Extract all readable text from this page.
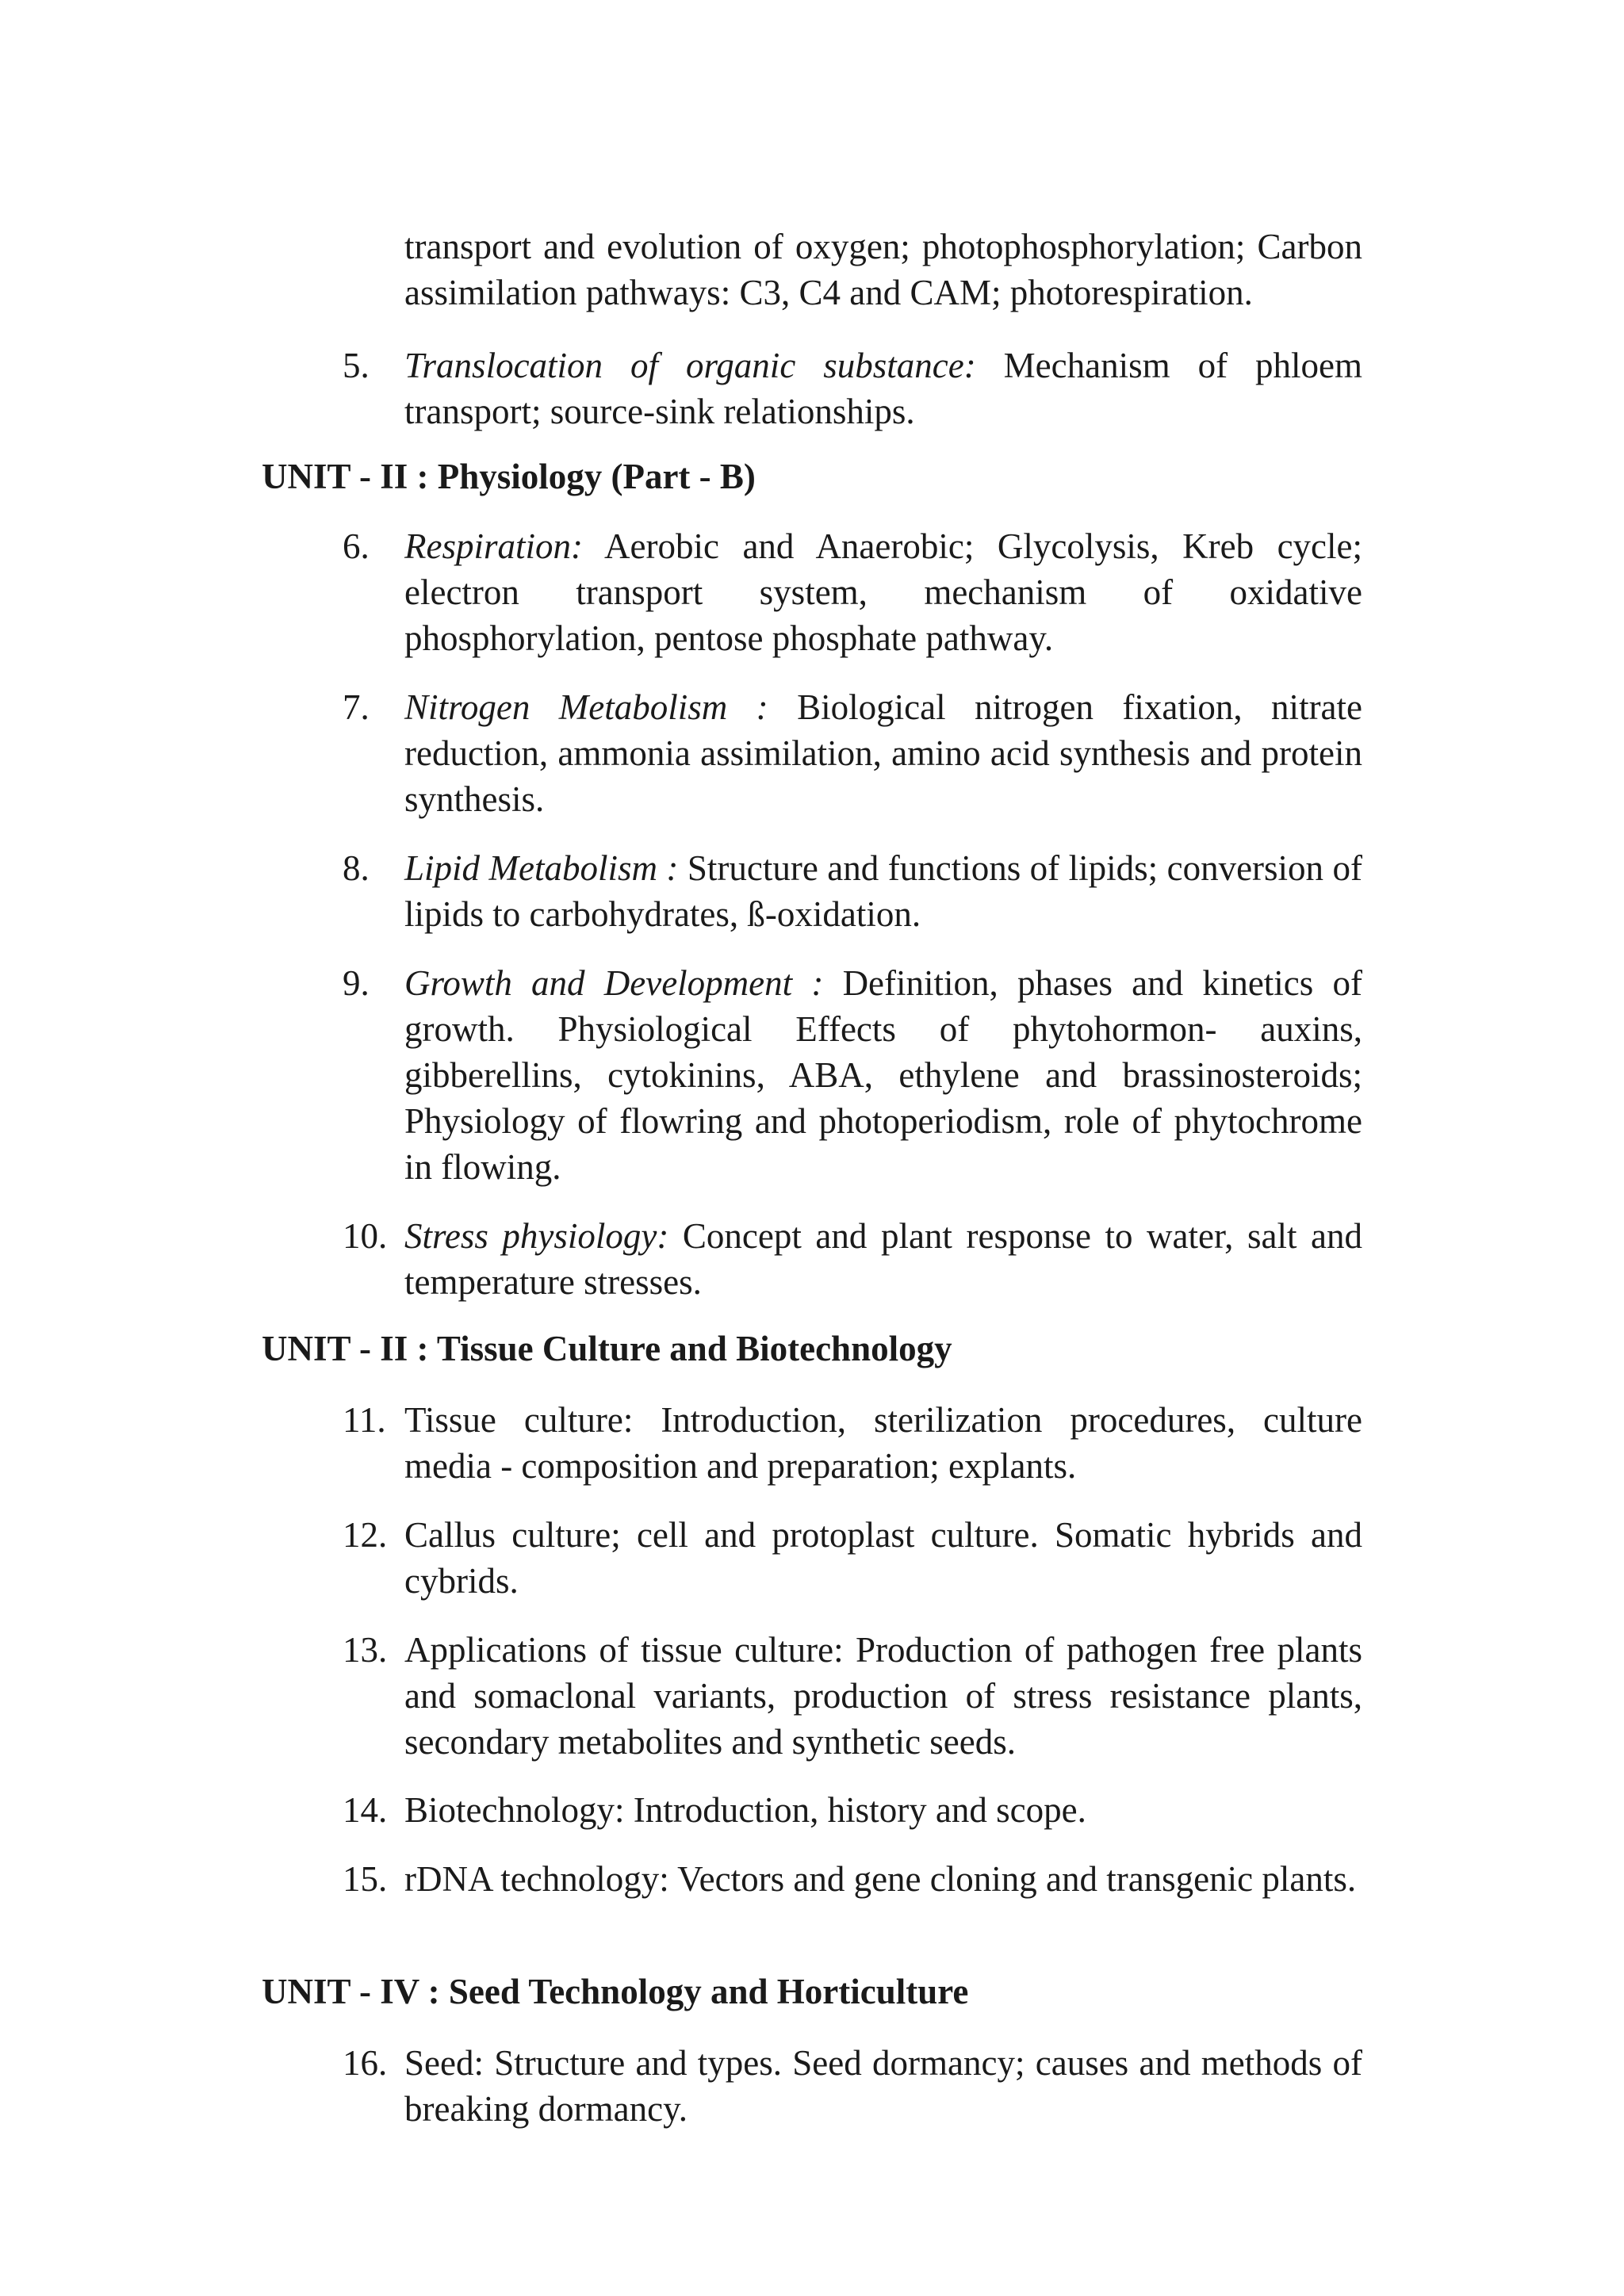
transport and evolution of oxygen; photophosphorylation; Carbon assimilation pathways: C3, C4 and CAM; photorespiration.

5. Translocation of organic substance: Mechanism of phloem transport; source-sink relationships.
UNIT - II : Physiology (Part - B)
6. Respiration: Aerobic and Anaerobic; Glycolysis, Kreb cycle; electron transport system, mechanism of oxidative phosphorylation, pentose phosphate pathway.
7. Nitrogen Metabolism : Biological nitrogen fixation, nitrate reduction, ammonia assimilation, amino acid synthesis and protein synthesis.
8. Lipid Metabolism : Structure and functions of lipids; conversion of lipids to carbohydrates, ß-oxidation.
9. Growth and Development : Definition, phases and kinetics of growth. Physiological Effects of phytohormon- auxins, gibberellins, cytokinins, ABA, ethylene and brassinosteroids; Physiology of flowring and photoperiodism, role of phytochrome in flowing.
10. Stress physiology: Concept and plant response to water, salt and temperature stresses.
UNIT - II : Tissue Culture and Biotechnology
11. Tissue culture: Introduction, sterilization procedures, culture media - composition and preparation; explants.
12. Callus culture; cell and protoplast culture. Somatic hybrids and cybrids.
13. Applications of tissue culture: Production of pathogen free plants and somaclonal variants, production of stress resistance plants, secondary metabolites and synthetic seeds.
14. Biotechnology: Introduction, history and scope.
15. rDNA technology: Vectors and gene cloning and transgenic plants.
UNIT - IV : Seed Technology and Horticulture
16. Seed: Structure and types. Seed dormancy; causes and methods of breaking dormancy.
